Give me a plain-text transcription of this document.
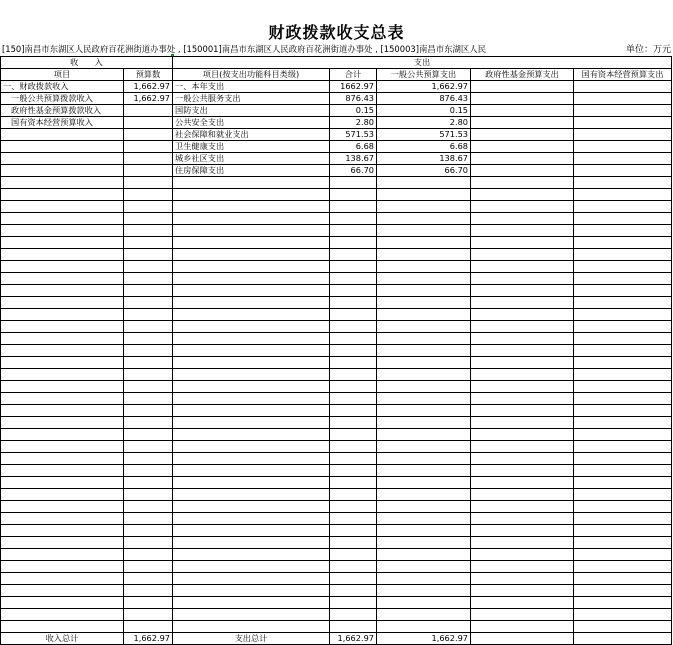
财政拨款收支总表
[150]南昌市东湖区人民政府百花洲街道办事处 , [150001]南昌市东湖区人民政府百花洲街道办事处 , [150003]南昌市东湖区人民	单位：万元

收　　入		支出				
项目	预算数	项目(按支出功能科目类级)	合计	一般公共预算支出	政府性基金预算支出	国有资本经营预算支出
一、财政拨款收入	1,662.97	一、本年支出	1662.97	1,662.97		
一般公共预算拨款收入	1,662.97	一般公共服务支出	876.43	876.43		
政府性基金预算拨款收入		国防支出	0.15	0.15		
国有资本经营预算收入		公共安全支出	2.80	2.80		
		社会保障和就业支出	571.53	571.53		
		卫生健康支出	6.68	6.68		
		城乡社区支出	138.67	138.67		
		住房保障支出	66.70	66.70		

收入总计	1,662.97	支出总计	1,662.97	1,662.97		
